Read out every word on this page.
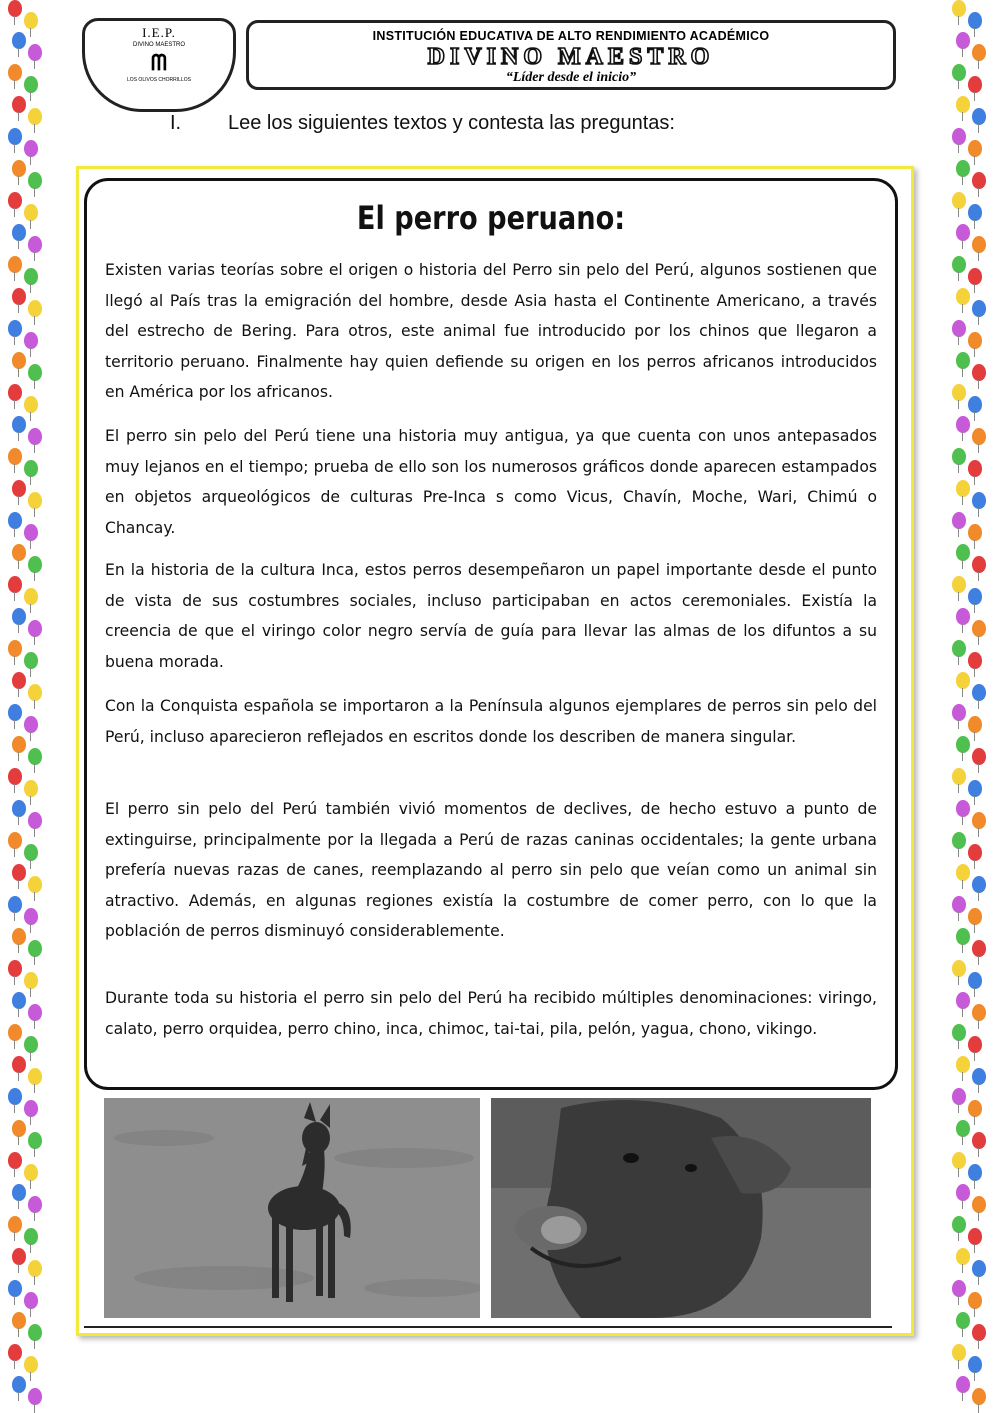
I.E.P.
DIVINO MAESTRO
ᗰ
LOS OLIVOS CHORRILLOS
INSTITUCIÓN EDUCATIVA DE ALTO RENDIMIENTO ACADÉMICO
DIVINO MAESTRO
“Líder desde el inicio”
I. Lee los siguientes textos y contesta las preguntas:
El perro peruano:

Existen varias teorías sobre el origen o historia del Perro sin pelo del Perú, algunos sostienen que llegó al País tras la emigración del hombre, desde Asia hasta el Continente Americano, a través del estrecho de Bering. Para otros, este animal fue introducido por los chinos que llegaron a territorio peruano. Finalmente hay quien defiende su origen en los perros africanos introducidos en América por los africanos.

El perro sin pelo del Perú tiene una historia muy antigua, ya que cuenta con unos antepasados muy lejanos en el tiempo; prueba de ello son los numerosos gráficos donde aparecen estampados en objetos arqueológicos de culturas Pre-Inca s como Vicus, Chavín, Moche, Wari, Chimú o Chancay.

En la historia de la cultura Inca, estos perros desempeñaron un papel importante desde el punto de vista de sus costumbres sociales, incluso participaban en actos ceremoniales. Existía la creencia de que el viringo color negro servía de guía para llevar las almas de los difuntos a su buena morada.

Con la Conquista española se importaron a la Península algunos ejemplares de perros sin pelo del Perú, incluso aparecieron reflejados en escritos donde los describen de manera singular.

El perro sin pelo del Perú también vivió momentos de declives, de hecho estuvo a punto de extinguirse, principalmente por la llegada a Perú de razas caninas occidentales; la gente urbana prefería nuevas razas de canes, reemplazando al perro sin pelo que veían como un animal sin atractivo. Además, en algunas regiones existía la costumbre de comer perro, con lo que la población de perros disminuyó considerablemente.

Durante toda su historia el perro sin pelo del Perú ha recibido múltiples denominaciones: viringo, calato, perro orquidea, perro chino, inca, chimoc, tai-tai, pila, pelón, yagua, chono, vikingo.
